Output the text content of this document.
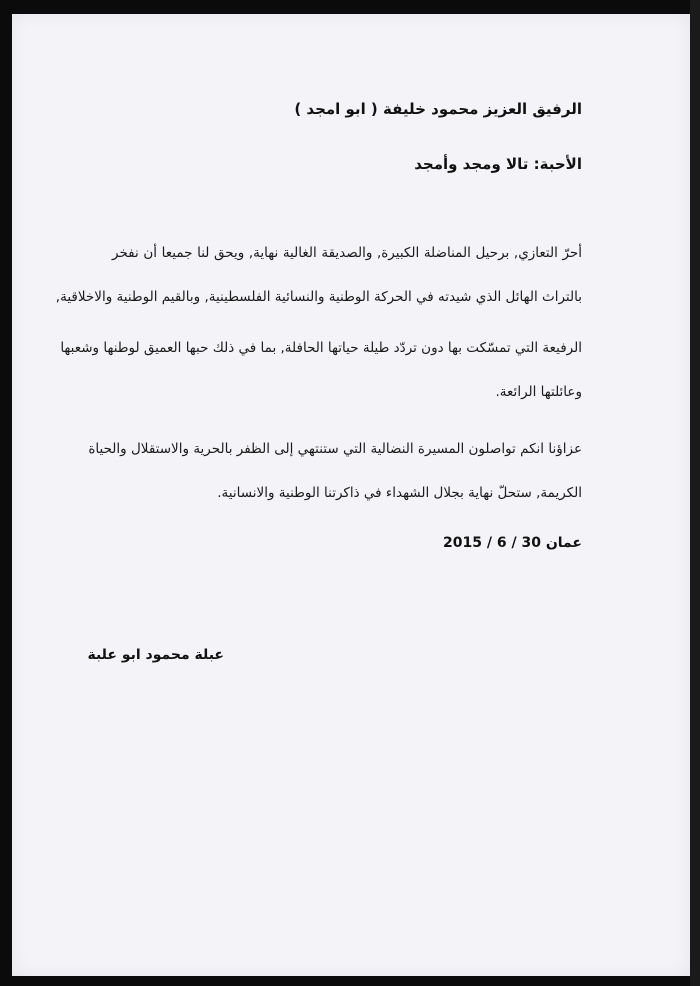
الرفيق العزيز محمود خليفة ( ابو امجد )
الأحبة: تالا ومجد وأمجد
أحرّ التعازي, برحيل المناضلة الكبيرة, والصديقة الغالية نهاية, ويحق لنا جميعا أن نفخر
بالتراث الهائل الذي شيدته في الحركة الوطنية والنسائية الفلسطينية, وبالقيم الوطنية والاخلاقية,
الرفيعة التي تمسّكت بها دون تردّد طيلة حياتها الحافلة, بما في ذلك حبها العميق لوطنها وشعبها
وعائلتها الرائعة.
عزاؤنا انكم تواصلون المسيرة النضالية التي ستنتهي إلى الظفر بالحرية والاستقلال والحياة
الكريمة, ستحلّ نهاية بجلال الشهداء في ذاكرتنا الوطنية والانسانية.
عمان 30 / 6 / 2015
عبلة محمود ابو علبة
